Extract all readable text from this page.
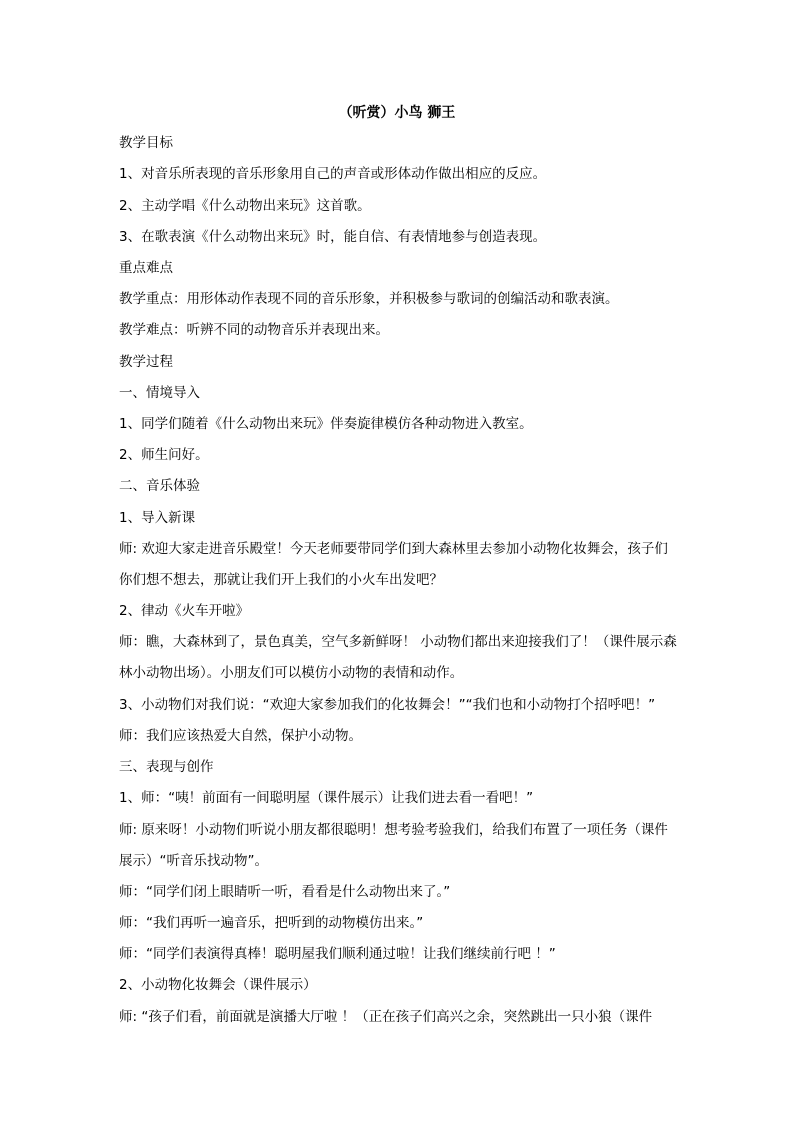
（听赏）小鸟 狮王

教学目标

1、对音乐所表现的音乐形象用自己的声音或形体动作做出相应的反应。

2、主动学唱《什么动物出来玩》这首歌。

3、在歌表演《什么动物出来玩》时，能自信、有表情地参与创造表现。

重点难点

教学重点：用形体动作表现不同的音乐形象，并积极参与歌词的创编活动和歌表演。

教学难点：听辨不同的动物音乐并表现出来。

教学过程

一、情境导入

1、同学们随着《什么动物出来玩》伴奏旋律模仿各种动物进入教室。

2、师生问好。

二、音乐体验

1、导入新课

师: 欢迎大家走进音乐殿堂！今天老师要带同学们到大森林里去参加小动物化妆舞会，孩子们你们想不想去，那就让我们开上我们的小火车出发吧？

2、律动《火车开啦》

师：瞧，大森林到了，景色真美，空气多新鲜呀！ 小动物们都出来迎接我们了！（课件展示森林小动物出场）。小朋友们可以模仿小动物的表情和动作。

3、小动物们对我们说：“欢迎大家参加我们的化妆舞会！”“我们也和小动物打个招呼吧！”

师：我们应该热爱大自然，保护小动物。

三、表现与创作

1、师：“咦！前面有一间聪明屋（课件展示）让我们进去看一看吧！”

师: 原来呀！小动物们听说小朋友都很聪明！想考验考验我们，给我们布置了一项任务（课件展示）“听音乐找动物”。

师：“同学们闭上眼睛听一听，看看是什么动物出来了。”

师：“我们再听一遍音乐，把听到的动物模仿出来。”

师：“同学们表演得真棒！聪明屋我们顺利通过啦！让我们继续前行吧 ！”

2、小动物化妆舞会（课件展示）

师: “孩子们看，前面就是演播大厅啦 ！（正在孩子们高兴之余，突然跳出一只小狼（课件
